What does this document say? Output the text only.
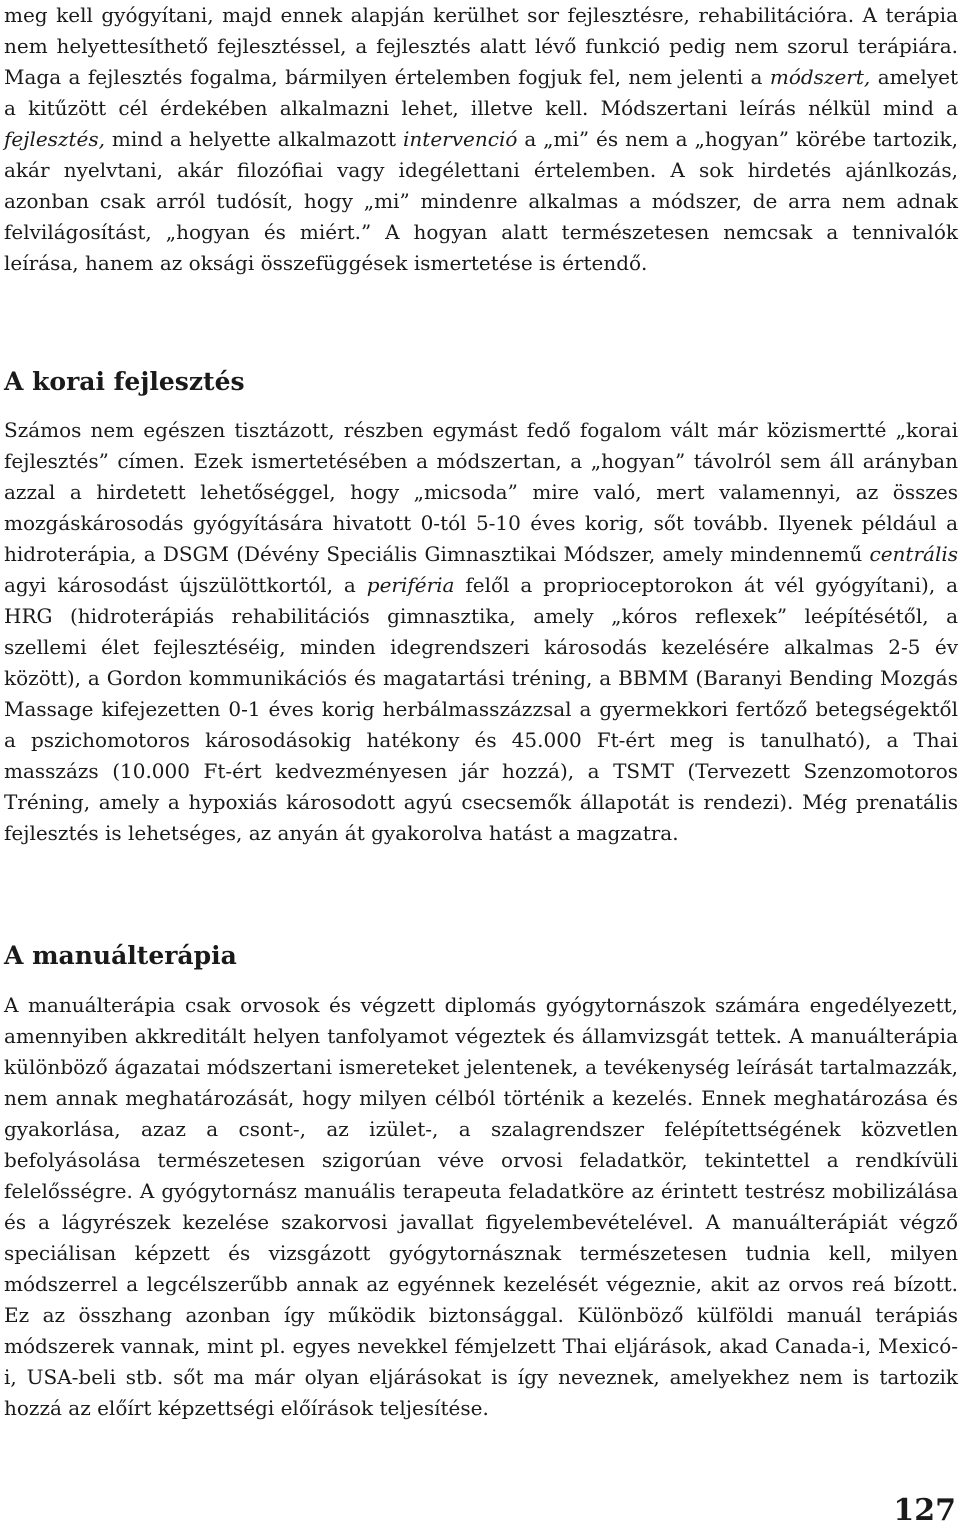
meg kell gyógyítani, majd ennek alapján kerülhet sor fejlesztésre, rehabilitációra. A terápia nem helyettesíthető fejlesztéssel, a fejlesztés alatt lévő funkció pedig nem szorul terápiára. Maga a fejlesztés fogalma, bármilyen értelemben fogjuk fel, nem jelenti a módszert, amelyet a kitűzött cél érdekében alkalmazni lehet, illetve kell. Módszertani leírás nélkül mind a fejlesztés, mind a helyette alkalmazott intervenció a „mi” és nem a „hogyan” körébe tartozik, akár nyelvtani, akár filozófiai vagy idegélettani értelemben. A sok hirdetés ajánlkozás, azonban csak arról tudósít, hogy „mi” mindenre alkalmas a módszer, de arra nem adnak felvilágosítást, „hogyan és miért.” A hogyan alatt természetesen nemcsak a tennivalók leírása, hanem az oksági összefüggések ismertetése is értendő.

A korai fejlesztés

Számos nem egészen tisztázott, részben egymást fedő fogalom vált már közismertté „korai fejlesztés” címen. Ezek ismertetésében a módszertan, a „hogyan” távolról sem áll arányban azzal a hirdetett lehetőséggel, hogy „micsoda” mire való, mert valamennyi, az összes mozgáskárosodás gyógyítására hivatott 0-tól 5-10 éves korig, sőt tovább. Ilyenek például a hidroterápia, a DSGM (Dévény Speciális Gimnasztikai Módszer, amely mindennemű centrális agyi károsodást újszülöttkortól, a periféria felől a proprioceptorokon át vél gyógyítani), a HRG (hidroterápiás rehabilitációs gimnasztika, amely „kóros reflexek” leépítésétől, a szellemi élet fejlesztéséig, minden idegrendszeri károsodás kezelésére alkalmas 2-5 év között), a Gordon kommunikációs és magatartási tréning, a BBMM (Baranyi Bending Mozgás Massage kifejezetten 0-1 éves korig herbálmasszázzsal a gyermekkori fertőző betegségektől a pszichomotoros károsodásokig hatékony és 45.000 Ft-ért meg is tanulható), a Thai masszázs (10.000 Ft-ért kedvezményesen jár hozzá), a TSMT (Tervezett Szenzomotoros Tréning, amely a hypoxiás károsodott agyú csecsemők állapotát is rendezi). Még prenatális fejlesztés is lehetséges, az anyán át gyakorolva hatást a magzatra.

A manuálterápia

A manuálterápia csak orvosok és végzett diplomás gyógytornászok számára engedélyezett, amennyiben akkreditált helyen tanfolyamot végeztek és államvizsgát tettek. A manuálterápia különböző ágazatai módszertani ismereteket jelentenek, a tevékenység leírását tartalmazzák, nem annak meghatározását, hogy milyen célból történik a kezelés. Ennek meghatározása és gyakorlása, azaz a csont-, az izület-, a szalagrendszer felépítettségének közvetlen befolyásolása természetesen szigorúan véve orvosi feladatkör, tekintettel a rendkívüli felelősségre. A gyógytornász manuális terapeuta feladatköre az érintett testrész mobilizálása és a lágyrészek kezelése szakorvosi javallat figyelembevételével. A manuálterápiát végző speciálisan képzett és vizsgázott gyógytornásznak természetesen tudnia kell, milyen módszerrel a legcélszerűbb annak az egyénnek kezelését végeznie, akit az orvos reá bízott. Ez az összhang azonban így működik biztonsággal. Különböző külföldi manuál terápiás módszerek vannak, mint pl. egyes nevekkel fémjelzett Thai eljárások, akad Canada-i, Mexicó-i, USA-beli stb. sőt ma már olyan eljárásokat is így neveznek, amelyekhez nem is tartozik hozzá az előírt képzettségi előírások teljesítése.

127
